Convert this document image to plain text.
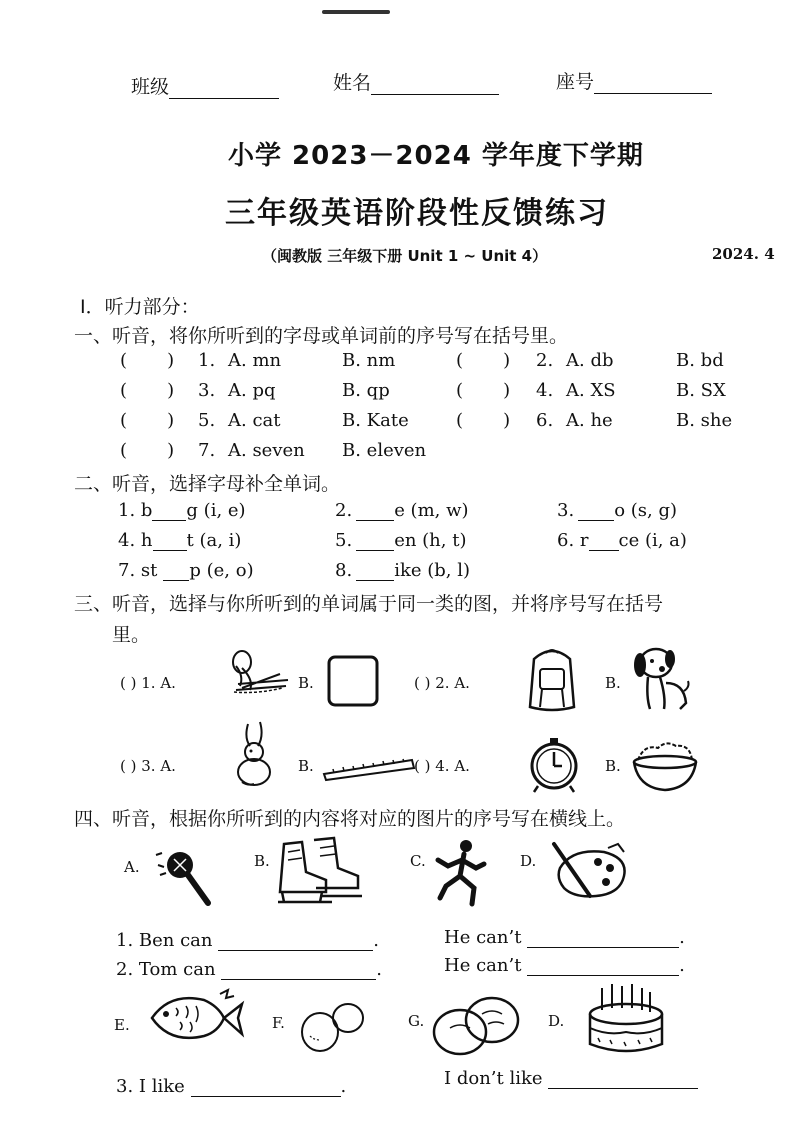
班级	姓名	座号
小学 2023－2024 学年度下学期
三年级英语阶段性反馈练习
（闽教版 三年级下册 Unit 1 ~ Unit 4）	2024. 4
I．听力部分：
一、听音，将你所听到的字母或单词前的序号写在括号里。
(       ) 1. A. mn	B. nm	(       ) 2. A. db	B. bd
(       ) 3. A. pq	B. qp	(       ) 4. A. XS	B. SX
(       ) 5. A. cat	B. Kate	(       ) 6. A. he	B. she
(       ) 7. A. seven B. eleven
二、听音，选择字母补全单词。
1. b g (i, e)	2. e (m, w)	3. o (s, g)
4. h t (a, i)	5. en (h, t)	6. r ce (i, a)
7. st p (e, o)	8. ike (b, l)
三、听音，选择与你所听到的单词属于同一类的图，并将序号写在括号
里。
( ) 1. A.	B.	( ) 2. A.	B.
( ) 3. A.	B.	( ) 4. A.	B.
四、听音，根据你所听到的内容将对应的图片的序号写在横线上。
A.	B.	C.	D.
1. Ben can	.	He can’t	.
2. Tom can	.	He can’t	.
E.	F.	G.	D.
3. I like	.	I don’t like
